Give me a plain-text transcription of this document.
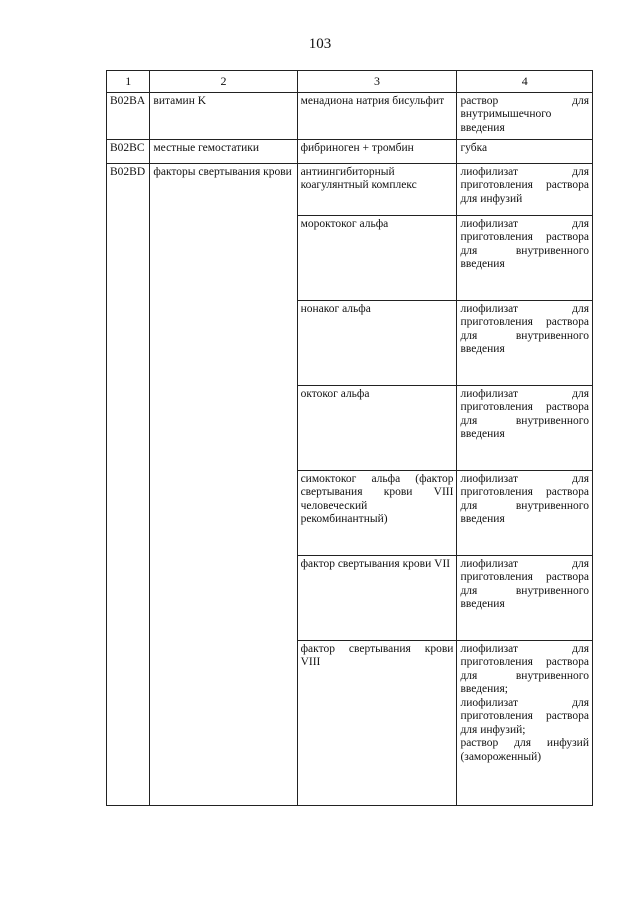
103
1	2	3	4
B02BA	витамин K	менадиона натрия бисульфит	раствор для внутримышечного введения
B02BC	местные гемостатики	фибриноген + тромбин	губка
B02BD	факторы свертывания крови	антиингибиторный коагулянтный комплекс	лиофилизат для приготовления раствора для инфузий
		мороктоког альфа	лиофилизат для приготовления раствора для внутривенного введения
		нонаког альфа	лиофилизат для приготовления раствора для внутривенного введения
		октоког альфа	лиофилизат для приготовления раствора для внутривенного введения
		симоктоког альфа (фактор свертывания крови VIII человеческий рекомбинантный)	лиофилизат для приготовления раствора для внутривенного введения
		фактор свертывания крови VII	лиофилизат для приготовления раствора для внутривенного введения
		фактор свертывания крови VIII	лиофилизат для приготовления раствора для внутривенного введения;
лиофилизат для приготовления раствора для инфузий;
раствор для инфузий (замороженный)
